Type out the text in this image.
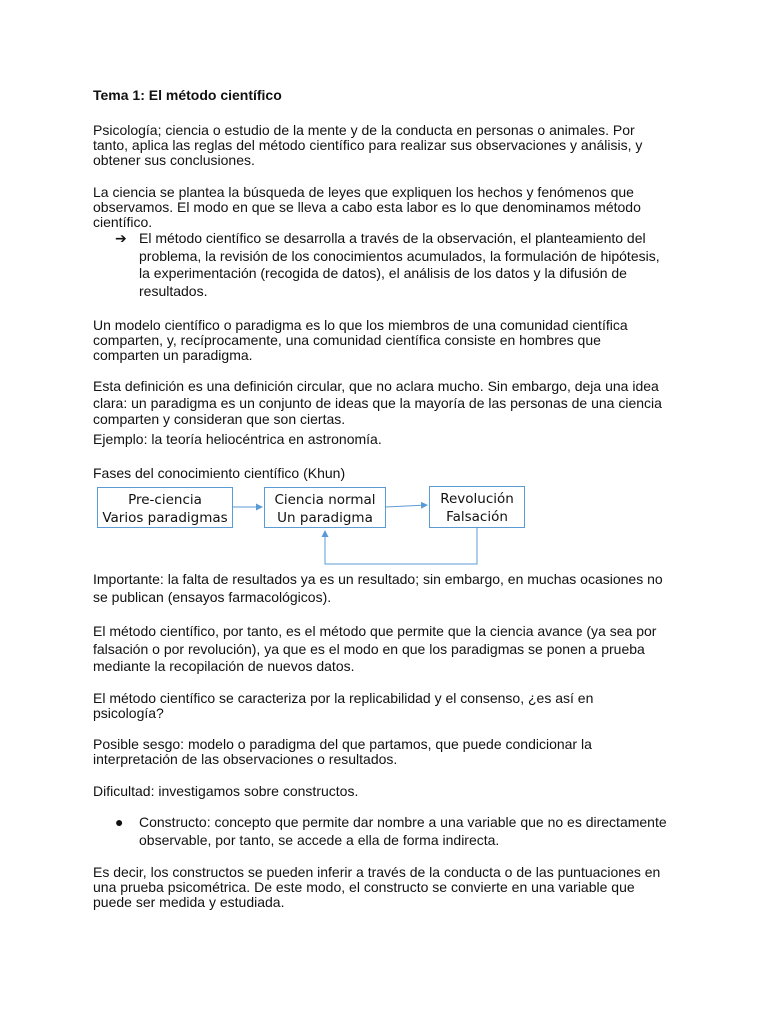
Tema 1: El método científico
Psicología; ciencia o estudio de la mente y de la conducta en personas o animales. Por
tanto, aplica las reglas del método científico para realizar sus observaciones y análisis, y
obtener sus conclusiones.
La ciencia se plantea la búsqueda de leyes que expliquen los hechos y fenómenos que
observamos. El modo en que se lleva a cabo esta labor es lo que denominamos método
científico.
➔ El método científico se desarrolla a través de la observación, el planteamiento del
problema, la revisión de los conocimientos acumulados, la formulación de hipótesis,
la experimentación (recogida de datos), el análisis de los datos y la difusión de
resultados.
Un modelo científico o paradigma es lo que los miembros de una comunidad científica
comparten, y, recíprocamente, una comunidad científica consiste en hombres que
comparten un paradigma.
Esta definición es una definición circular, que no aclara mucho. Sin embargo, deja una idea
clara: un paradigma es un conjunto de ideas que la mayoría de las personas de una ciencia
comparten y consideran que son ciertas.
Ejemplo: la teoría heliocéntrica en astronomía.
Fases del conocimiento científico (Khun)
Importante: la falta de resultados ya es un resultado; sin embargo, en muchas ocasiones no
se publican (ensayos farmacológicos).
El método científico, por tanto, es el método que permite que la ciencia avance (ya sea por
falsación o por revolución), ya que es el modo en que los paradigmas se ponen a prueba
mediante la recopilación de nuevos datos.
El método científico se caracteriza por la replicabilidad y el consenso, ¿es así en
psicología?
Posible sesgo: modelo o paradigma del que partamos, que puede condicionar la
interpretación de las observaciones o resultados.
Dificultad: investigamos sobre constructos.
● Constructo: concepto que permite dar nombre a una variable que no es directamente
observable, por tanto, se accede a ella de forma indirecta.
Es decir, los constructos se pueden inferir a través de la conducta o de las puntuaciones en
una prueba psicométrica. De este modo, el constructo se convierte en una variable que
puede ser medida y estudiada.
Pre-ciencia
Varios paradigmas
Ciencia normal
Un paradigma
Revolución
Falsación
